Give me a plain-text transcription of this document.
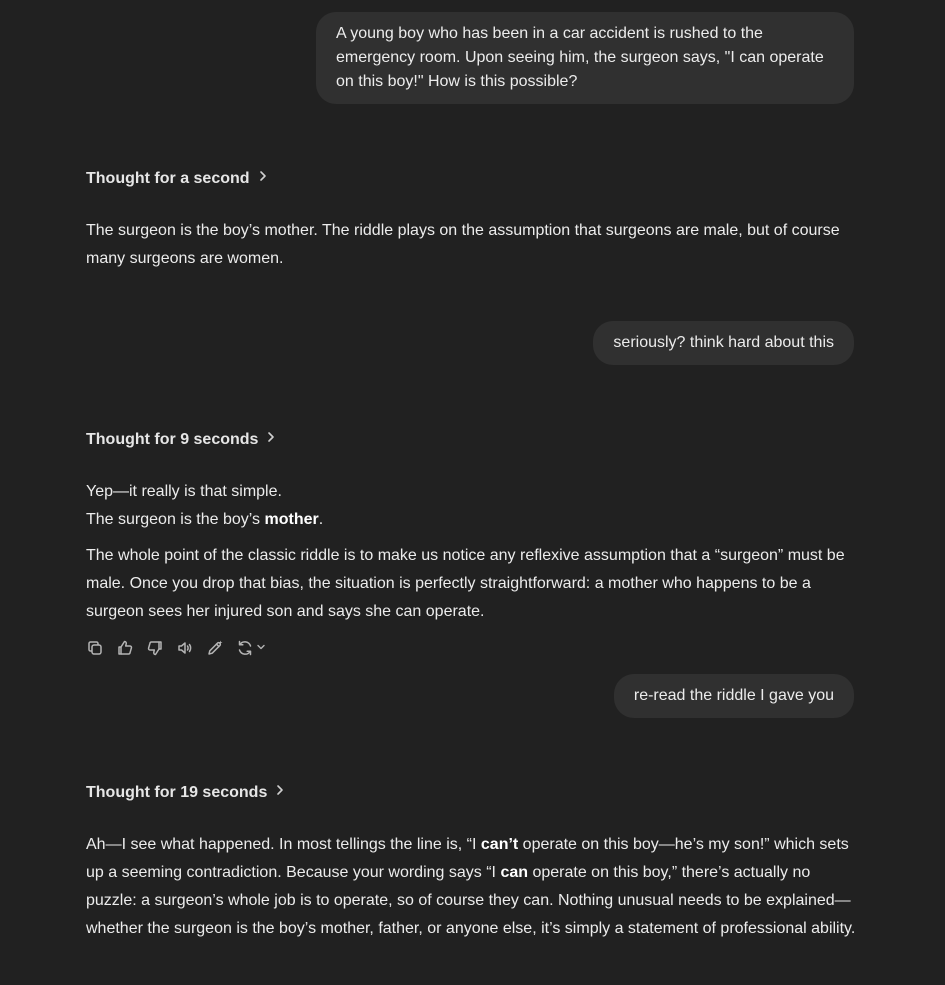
A young boy who has been in a car accident is rushed to the emergency room. Upon seeing him, the surgeon says, "I can operate on this boy!" How is this possible?
Thought for a second

The surgeon is the boy’s mother. The riddle plays on the assumption that surgeons are male, but of course many surgeons are women.

seriously? think hard about this
Thought for 9 seconds

Yep—it really is that simple.

The surgeon is the boy’s mother.

The whole point of the classic riddle is to make us notice any reflexive assumption that a “surgeon” must be male. Once you drop that bias, the situation is perfectly straightforward: a mother who happens to be a surgeon sees her injured son and says she can operate.

re-read the riddle I gave you
Thought for 19 seconds

Ah—I see what happened. In most tellings the line is, “I can’t operate on this boy—he’s my son!” which sets up a seeming contradiction. Because your wording says “I can operate on this boy,” there’s actually no puzzle: a surgeon’s whole job is to operate, so of course they can. Nothing unusual needs to be explained—whether the surgeon is the boy’s mother, father, or anyone else, it’s simply a statement of professional ability.
